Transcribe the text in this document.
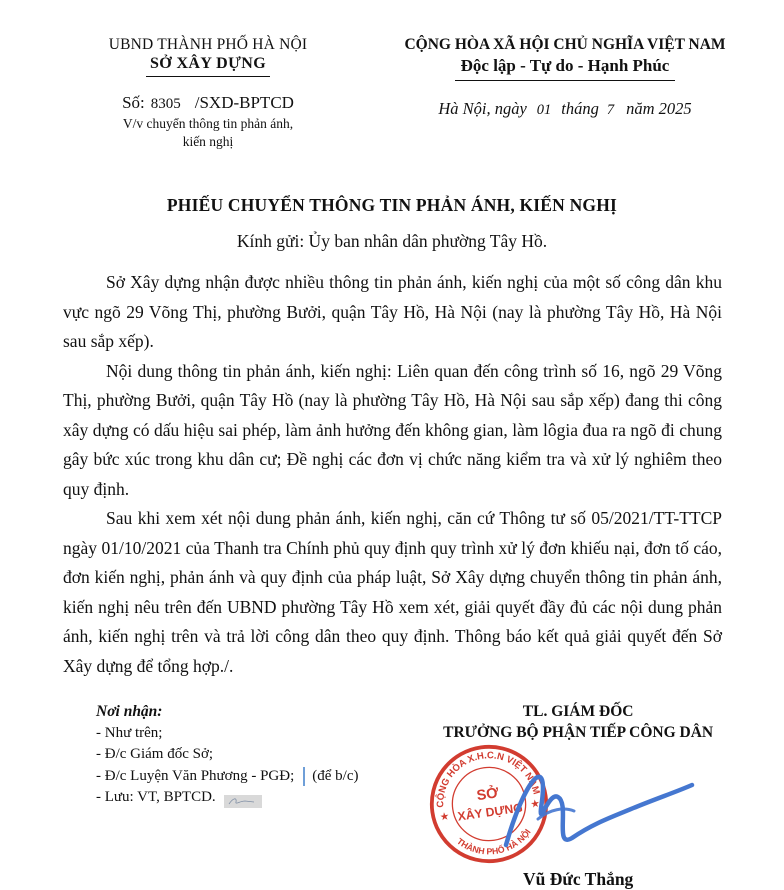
UBND THÀNH PHỐ HÀ NỘI
SỞ XÂY DỰNG
Số: 8305 /SXD-BPTCD
V/v chuyển thông tin phản ánh,
kiến nghị
CỘNG HÒA XÃ HỘI CHỦ NGHĨA VIỆT NAM
Độc lập - Tự do - Hạnh Phúc
Hà Nội, ngày 01 tháng 7 năm 2025
PHIẾU CHUYỂN THÔNG TIN PHẢN ÁNH, KIẾN NGHỊ
Kính gửi: Ủy ban nhân dân phường Tây Hồ.

Sở Xây dựng nhận được nhiều thông tin phản ánh, kiến nghị của một số công dân khu vực ngõ 29 Võng Thị, phường Bưởi, quận Tây Hồ, Hà Nội (nay là phường Tây Hồ, Hà Nội sau sắp xếp).

Nội dung thông tin phản ánh, kiến nghị: Liên quan đến công trình số 16, ngõ 29 Võng Thị, phường Bưởi, quận Tây Hồ (nay là phường Tây Hồ, Hà Nội sau sắp xếp) đang thi công xây dựng có dấu hiệu sai phép, làm ảnh hưởng đến không gian, làm lôgia đua ra ngõ đi chung gây bức xúc trong khu dân cư; Đề nghị các đơn vị chức năng kiểm tra và xử lý nghiêm theo quy định.

Sau khi xem xét nội dung phản ánh, kiến nghị, căn cứ Thông tư số 05/2021/TT-TTCP ngày 01/10/2021 của Thanh tra Chính phủ quy định quy trình xử lý đơn khiếu nại, đơn tố cáo, đơn kiến nghị, phản ánh và quy định của pháp luật, Sở Xây dựng chuyển thông tin phản ánh, kiến nghị nêu trên đến UBND phường Tây Hồ xem xét, giải quyết đầy đủ các nội dung phản ánh, kiến nghị trên và trả lời công dân theo quy định. Thông báo kết quả giải quyết đến Sở Xây dựng để tổng hợp./.

Nơi nhận:
- Như trên;
- Đ/c Giám đốc Sở;
- Đ/c Luyện Văn Phương - PGĐ; (để b/c)
- Lưu: VT, BPTCD.
TL. GIÁM ĐỐC
TRƯỞNG BỘ PHẬN TIẾP CÔNG DÂN
CỘNG HÒA X.H.C.N VIỆT NAM
THÀNH PHỐ HÀ NỘI
SỞ
XÂY DỰNG
★
★
Vũ Đức Thắng
